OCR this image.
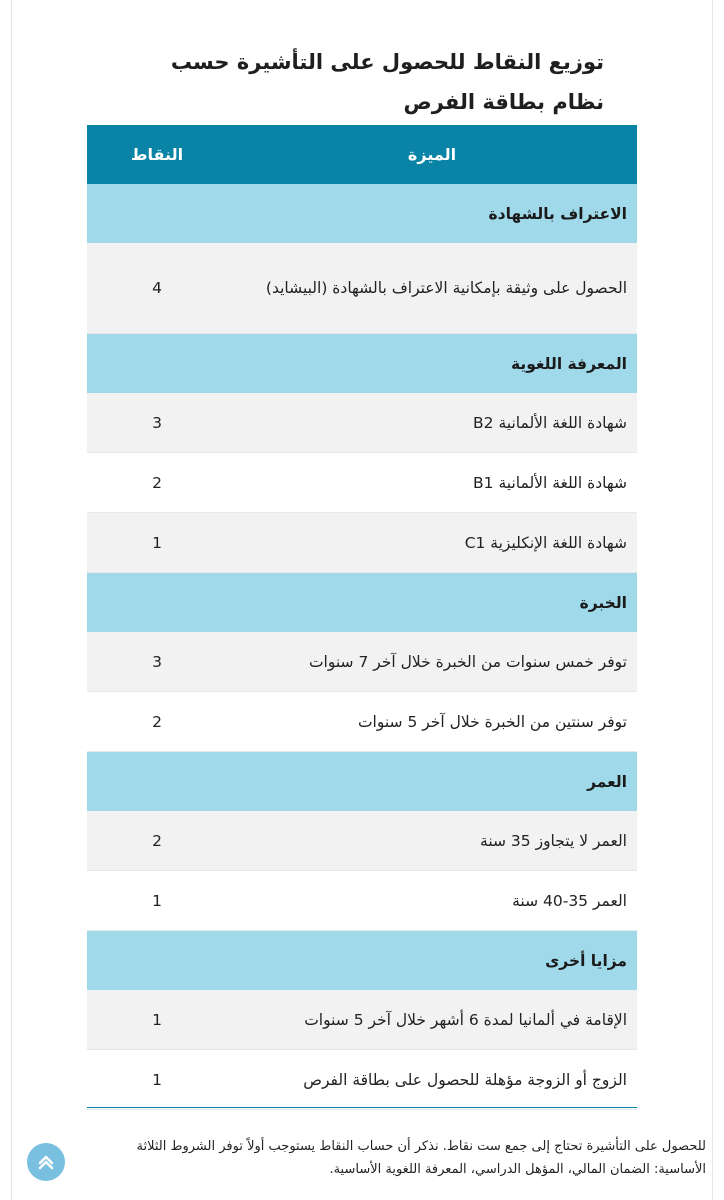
توزيع النقاط للحصول على التأشيرة حسب نظام بطاقة الفرص
الميزة	النقاط
الاعتراف بالشهادة	
الحصول على وثيقة بإمكانية الاعتراف بالشهادة (البيشايد)	4
المعرفة اللغوية	
شهادة اللغة الألمانية B2	3
شهادة اللغة الألمانية B1	2
شهادة اللغة الإنكليزية C1	1
الخبرة	
توفر خمس سنوات من الخبرة خلال آخر 7 سنوات	3
توفر سنتين من الخبرة خلال آخر 5 سنوات	2
العمر	
العمر لا يتجاوز 35 سنة	2
العمر 35-40 سنة	1
مزايا أخرى	
الإقامة في ألمانيا لمدة 6 أشهر خلال آخر 5 سنوات	1
الزوج أو الزوجة مؤهلة للحصول على بطاقة الفرص	1

للحصول على التأشيرة تحتاج إلى جمع ست نقاط. نذكر أن حساب النقاط يستوجب أولاً توفر الشروط الثلاثة الأساسية: الضمان المالي، المؤهل الدراسي، المعرفة اللغوية الأساسية.
